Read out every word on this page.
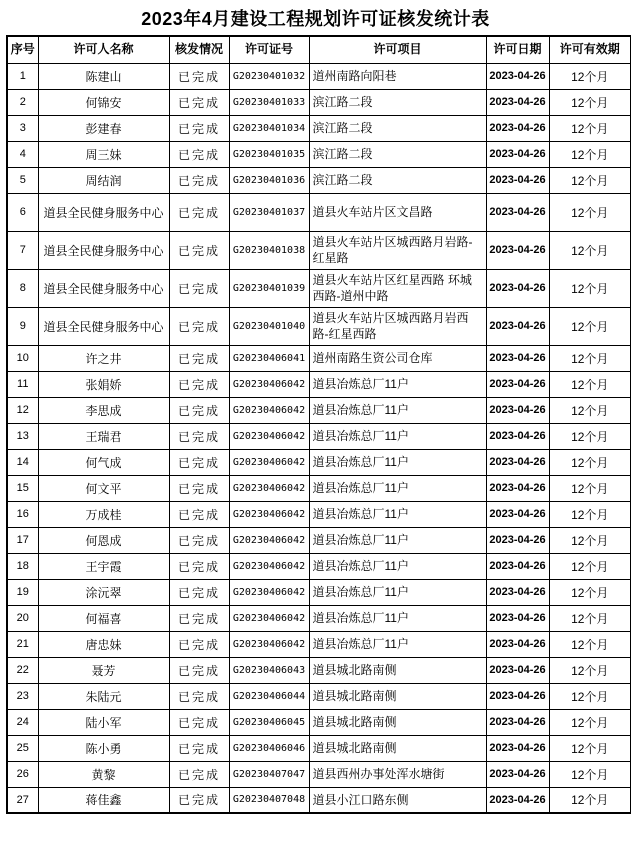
2023年4月建设工程规划许可证核发统计表
序号	许可人名称	核发情况	许可证号	许可项目	许可日期	许可有效期
1	陈建山	已完成	G20230401032	道州南路向阳巷	2023-04-26	12个月
2	何锦安	已完成	G20230401033	滨江路二段	2023-04-26	12个月
3	彭建春	已完成	G20230401034	滨江路二段	2023-04-26	12个月
4	周三妹	已完成	G20230401035	滨江路二段	2023-04-26	12个月
5	周结润	已完成	G20230401036	滨江路二段	2023-04-26	12个月
6	道县全民健身服务中心	已完成	G20230401037	道县火车站片区文昌路	2023-04-26	12个月
7	道县全民健身服务中心	已完成	G20230401038	道县火车站片区城西路月岩路-红星路	2023-04-26	12个月
8	道县全民健身服务中心	已完成	G20230401039	道县火车站片区红星西路 环城西路-道州中路	2023-04-26	12个月
9	道县全民健身服务中心	已完成	G20230401040	道县火车站片区城西路月岩西路-红星西路	2023-04-26	12个月
10	许之井	已完成	G20230406041	道州南路生资公司仓库	2023-04-26	12个月
11	张娟娇	已完成	G20230406042	道县冶炼总厂11户	2023-04-26	12个月
12	李思成	已完成	G20230406042	道县冶炼总厂11户	2023-04-26	12个月
13	王瑞君	已完成	G20230406042	道县冶炼总厂11户	2023-04-26	12个月
14	何气成	已完成	G20230406042	道县冶炼总厂11户	2023-04-26	12个月
15	何文平	已完成	G20230406042	道县冶炼总厂11户	2023-04-26	12个月
16	万成桂	已完成	G20230406042	道县冶炼总厂11户	2023-04-26	12个月
17	何恩成	已完成	G20230406042	道县冶炼总厂11户	2023-04-26	12个月
18	王宇霞	已完成	G20230406042	道县冶炼总厂11户	2023-04-26	12个月
19	涂沅翠	已完成	G20230406042	道县冶炼总厂11户	2023-04-26	12个月
20	何福喜	已完成	G20230406042	道县冶炼总厂11户	2023-04-26	12个月
21	唐忠妹	已完成	G20230406042	道县冶炼总厂11户	2023-04-26	12个月
22	聂芳	已完成	G20230406043	道县城北路南侧	2023-04-26	12个月
23	朱陆元	已完成	G20230406044	道县城北路南侧	2023-04-26	12个月
24	陆小军	已完成	G20230406045	道县城北路南侧	2023-04-26	12个月
25	陈小勇	已完成	G20230406046	道县城北路南侧	2023-04-26	12个月
26	黄黎	已完成	G20230407047	道县西州办事处浑水塘街	2023-04-26	12个月
27	蒋佳鑫	已完成	G20230407048	道县小江口路东侧	2023-04-26	12个月
